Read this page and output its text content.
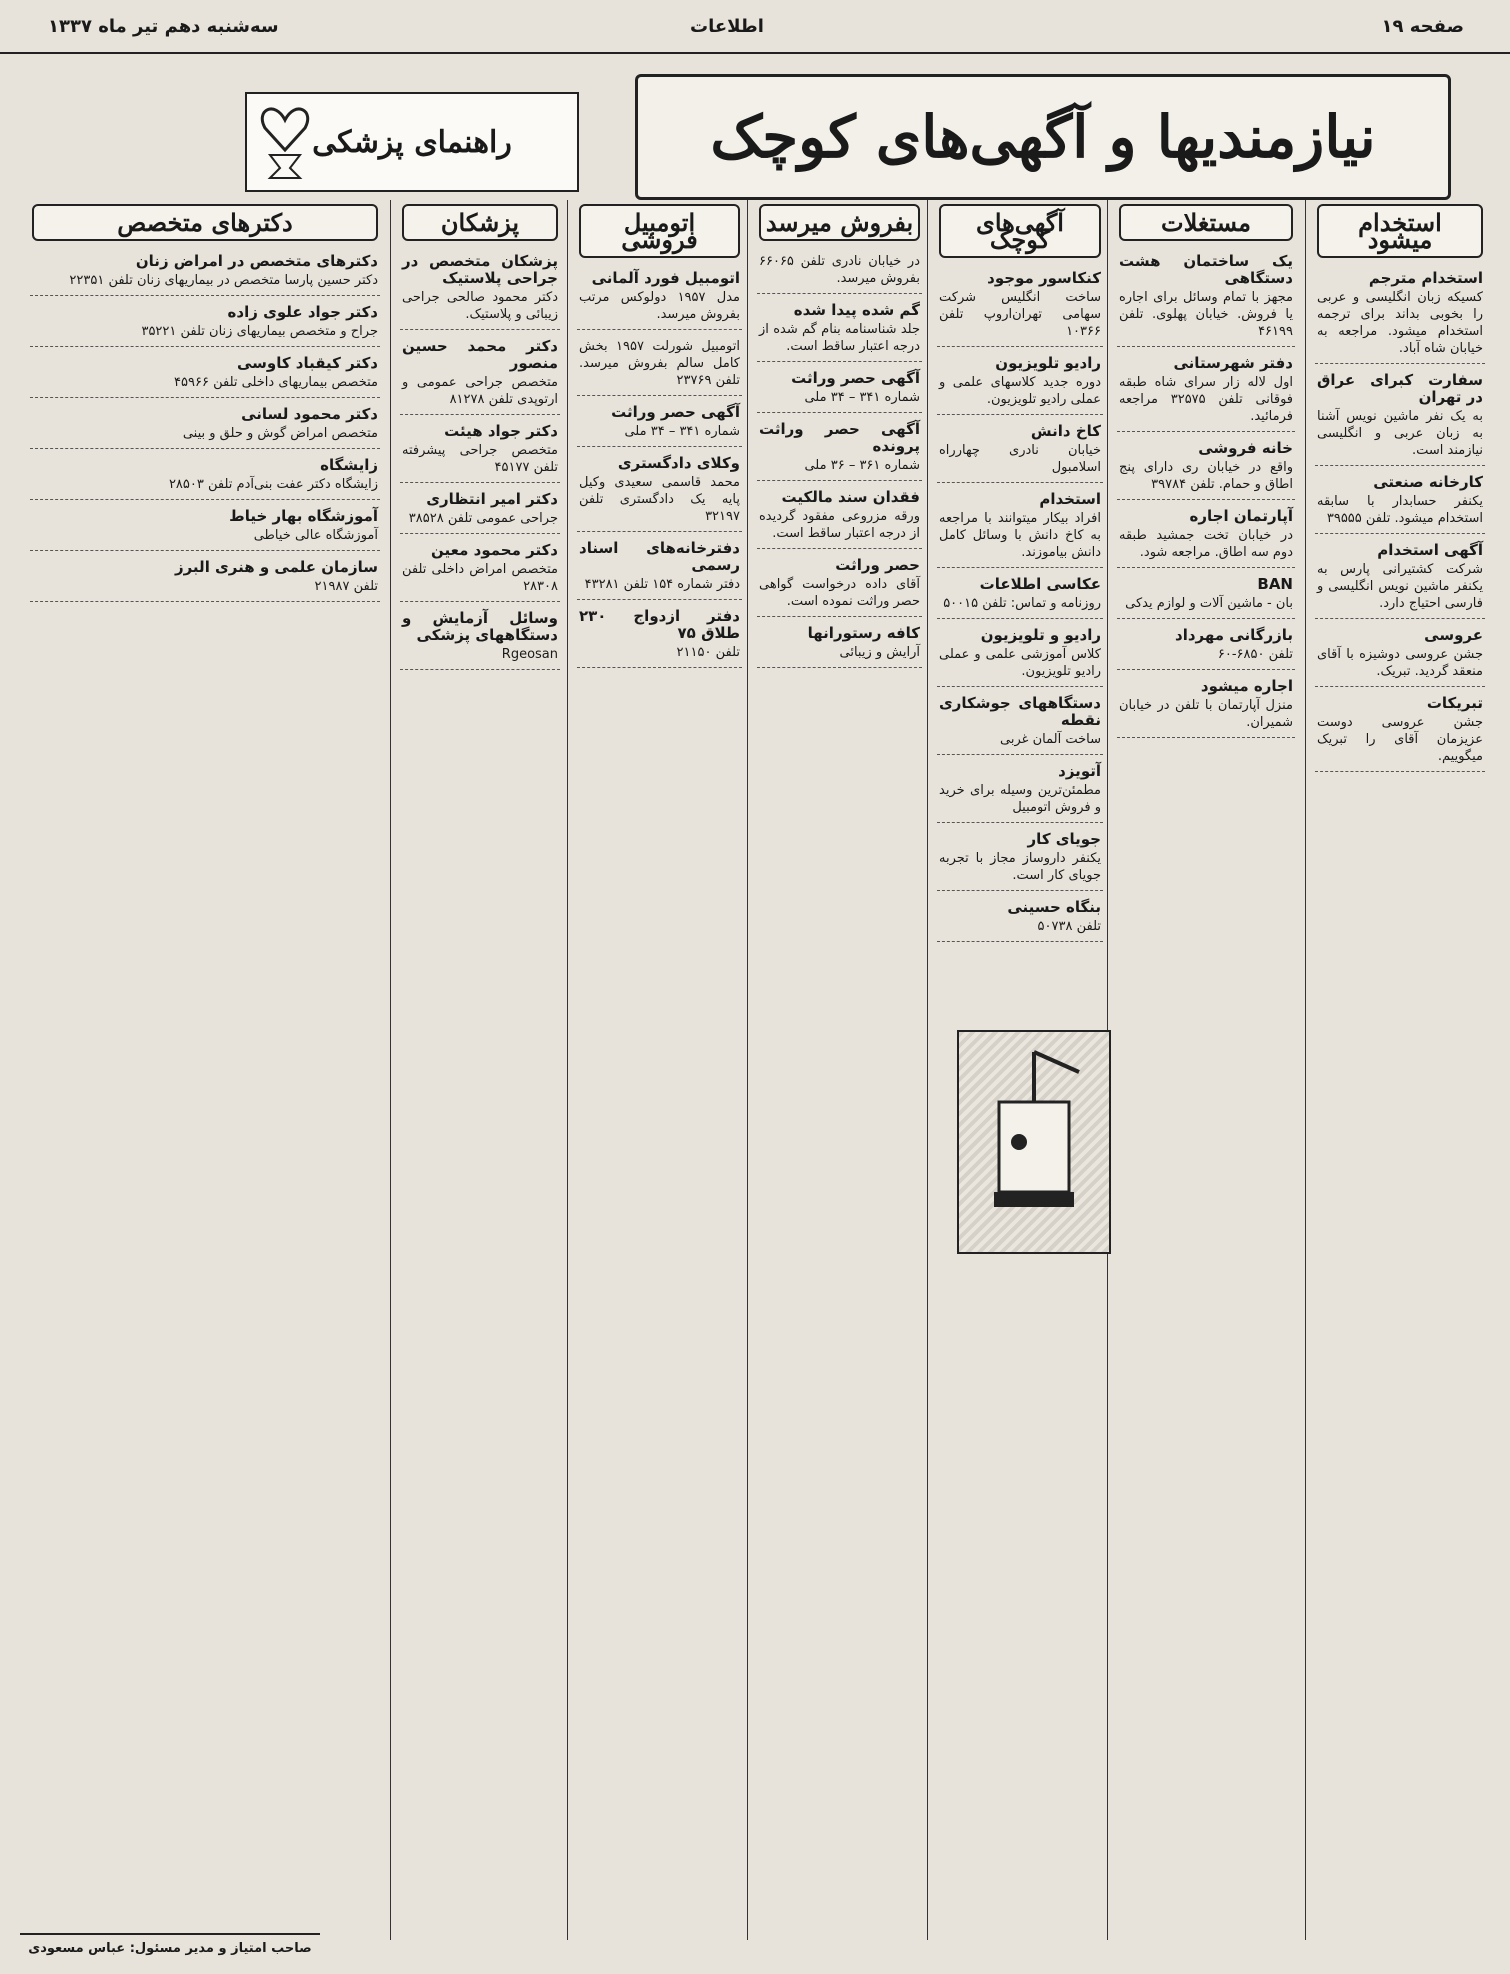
صفحه ۱۹
اطلاعات
سه‌شنبه دهم تیر ماه ۱۳۳۷
نیازمندیها و آگهی‌های کوچک
راهنمای پزشکی
استخدام میشود
استخدام مترجم
کسیکه زبان انگلیسی و عربی را بخوبی بداند برای ترجمه استخدام میشود. مراجعه به خیابان شاه آباد.
سفارت کبرای عراق در تهران
به یک نفر ماشین نویس آشنا به زبان عربی و انگلیسی نیازمند است.
کارخانه صنعتی
یکنفر حسابدار با سابقه استخدام میشود. تلفن ۳۹۵۵۵
آگهی استخدام
شرکت کشتیرانی پارس به یکنفر ماشین نویس انگلیسی و فارسی احتیاج دارد.
عروسی
جشن عروسی دوشیزه با آقای منعقد گردید. تبریک.
تبریکات
جشن عروسی دوست عزیزمان آقای را تبریک میگوییم.
مستغلات
یک ساختمان هشت دستگاهی
مجهز با تمام وسائل برای اجاره یا فروش. خیابان پهلوی. تلفن ۴۶۱۹۹
دفتر شهرستانی
اول لاله زار سرای شاه طبقه فوقانی تلفن ۳۲۵۷۵ مراجعه فرمائید.
خانه فروشی
واقع در خیابان ری دارای پنج اطاق و حمام. تلفن ۳۹۷۸۴
آپارتمان اجاره
در خیابان تخت جمشید طبقه دوم سه اطاق. مراجعه شود.
BAN
بان - ماشین آلات و لوازم یدکی
بازرگانی مهرداد
تلفن ۶۸۵۰-۶۰
اجاره میشود
منزل آپارتمان با تلفن در خیابان شمیران.
آگهی‌های کوچک
کنکاسور موجود
ساخت انگلیس شرکت سهامی تهران‌اروپ تلفن ۱۰۳۶۶
رادیو تلویزیون
دوره جدید کلاسهای علمی و عملی رادیو تلویزیون.
کاخ دانش
خیابان نادری چهارراه اسلامبول
استخدام
افراد بیکار میتوانند با مراجعه به کاخ دانش با وسائل کامل دانش بیاموزند.
عکاسی اطلاعات
روزنامه و تماس: تلفن ۵۰۰۱۵
رادیو و تلویزیون
کلاس آموزشی علمی و عملی رادیو تلویزیون.
دستگاههای جوشکاری نقطه
ساخت آلمان غربی
آتویزد
مطمئن‌ترین وسیله برای خرید و فروش اتومبیل
جویای کار
یکنفر داروساز مجاز با تجربه جویای کار است.
بنگاه حسینی
تلفن ۵۰۷۳۸
بفروش میرسد
در خیابان نادری تلفن ۶۶۰۶۵ بفروش میرسد.
گم شده پیدا شده
جلد شناسنامه بنام گم شده از درجه اعتبار ساقط است.
آگهی حصر وراثت
شماره ۳۴۱ – ۳۴ ملی
آگهی حصر وراثت پرونده
شماره ۳۶۱ – ۳۶ ملی
فقدان سند مالکیت
ورقه مزروعی مفقود گردیده از درجه اعتبار ساقط است.
حصر وراثت
آقای داده درخواست گواهی حصر وراثت نموده است.
کافه رستورانها
آرایش و زیبائی
اتومبیل فروشی
اتومبیل فورد آلمانی
مدل ۱۹۵۷ دولوکس مرتب بفروش میرسد.
اتومبیل شورلت ۱۹۵۷ بخش کامل سالم بفروش میرسد. تلفن ۲۳۷۶۹
آگهی حصر وراثت
شماره ۳۴۱ – ۳۴ ملی
وکلای دادگستری
محمد قاسمی سعیدی وکیل پایه یک دادگستری تلفن ۳۲۱۹۷
دفترخانه‌های اسناد رسمی
دفتر شماره ۱۵۴ تلفن ۴۳۲۸۱
دفتر ازدواج ۲۳۰ طلاق ۷۵
تلفن ۲۱۱۵۰
پزشکان
پزشکان متخصص در جراحی پلاستیک
دکتر محمود صالحی جراحی زیبائی و پلاستیک.
دکتر محمد حسین منصور
متخصص جراحی عمومی و ارتوپدی تلفن ۸۱۲۷۸
دکتر جواد هیئت
متخصص جراحی پیشرفته تلفن ۴۵۱۷۷
دکتر امیر انتظاری
جراحی عمومی تلفن ۳۸۵۲۸
دکتر محمود معین
متخصص امراض داخلی تلفن ۲۸۳۰۸
وسائل آزمایش و دستگاههای پزشکی
Rgeosan
دکترهای متخصص
دکترهای متخصص در امراض زنان
دکتر حسین پارسا متخصص در بیماریهای زنان تلفن ۲۲۳۵۱
دکتر جواد علوی زاده
جراح و متخصص بیماریهای زنان تلفن ۳۵۲۲۱
دکتر کیقباد کاوسی
متخصص بیماریهای داخلی تلفن ۴۵۹۶۶
دکتر محمود لسانی
متخصص امراض گوش و حلق و بینی
زایشگاه
زایشگاه دکتر عفت بنی‌آدم تلفن ۲۸۵۰۳
آموزشگاه بهار خیاط
آموزشگاه عالی خیاطی
سازمان علمی و هنری البرز
تلفن ۲۱۹۸۷
صاحب امتیاز و مدیر مسئول: عباس مسعودی
